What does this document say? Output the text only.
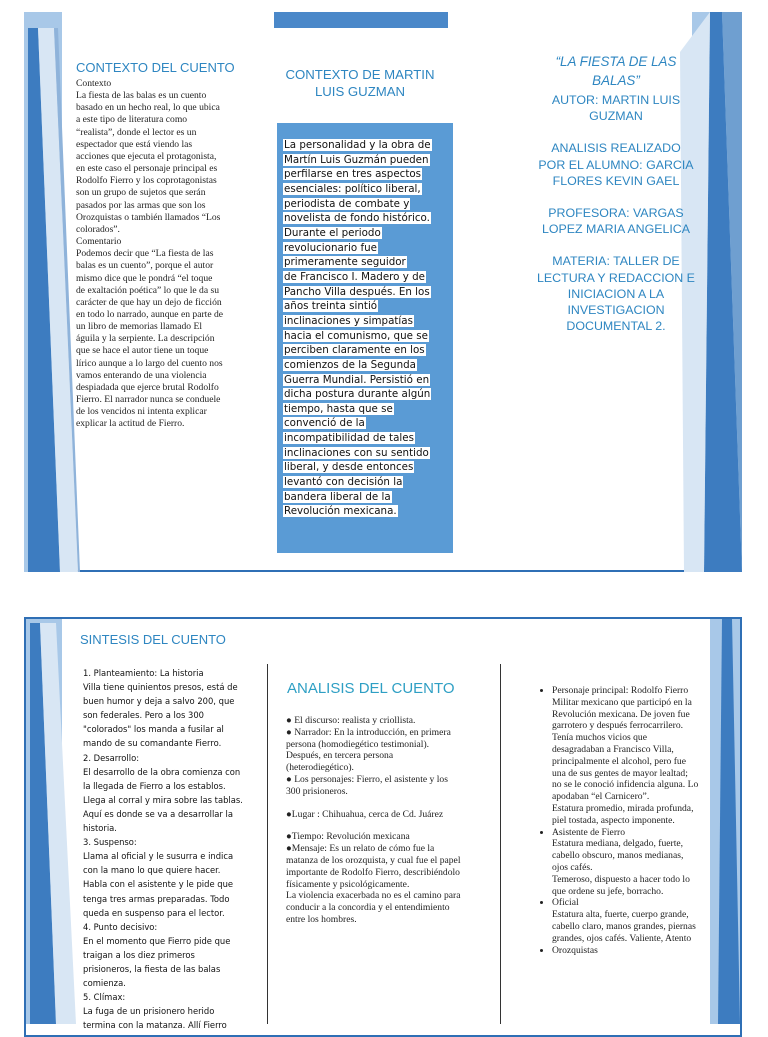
CONTEXTO DEL CUENTO
Contexto
La fiesta de las balas es un cuento
basado en un hecho real, lo que ubica
a este tipo de literatura como
“realista”, donde el lector es un
espectador que está viendo las
acciones que ejecuta el protagonista,
en este caso el personaje principal es
Rodolfo Fierro y los coprotagonistas
son un grupo de sujetos que serán
pasados por las armas que son los
Orozquistas o también llamados “Los
colorados”.
Comentario
Podemos decir que “La fiesta de las
balas es un cuento”, porque el autor
mismo dice que le pondrá “el toque
de exaltación poética” lo que le da su
carácter de que hay un dejo de ficción
en todo lo narrado, aunque en parte de
un libro de memorias llamado El
águila y la serpiente. La descripción
que se hace el autor tiene un toque
lírico aunque a lo largo del cuento nos
vamos enterando de una violencia
despiadada que ejerce brutal Rodolfo
Fierro. El narrador nunca se conduele
de los vencidos ni intenta explicar
explicar la actitud de Fierro.
CONTEXTO DE MARTIN
LUIS GUZMAN
La personalidad y la obra de
Martín Luis Guzmán pueden
perfilarse en tres aspectos
esenciales: político liberal,
periodista de combate y
novelista de fondo histórico.
Durante el periodo
revolucionario fue
primeramente seguidor
de Francisco I. Madero y de
Pancho Villa después. En los
años treinta sintió
inclinaciones y simpatías
hacia el comunismo, que se
perciben claramente en los
comienzos de la Segunda
Guerra Mundial. Persistió en
dicha postura durante algún
tiempo, hasta que se
convenció de la
incompatibilidad de tales
inclinaciones con su sentido
liberal, y desde entonces
levantó con decisión la
bandera liberal de la
Revolución mexicana.

“LA FIESTA DE LAS
BALAS”

AUTOR: MARTIN LUIS
GUZMAN

ANALISIS REALIZADO
POR EL ALUMNO: GARCIA
FLORES KEVIN GAEL

PROFESORA: VARGAS
LOPEZ MARIA ANGELICA

MATERIA: TALLER DE
LECTURA Y REDACCION E
INICIACION A LA
INVESTIGACION
DOCUMENTAL 2.

SINTESIS DEL CUENTO
1. Planteamiento: La historia
Villa tiene quinientos presos, está de
buen humor y deja a salvo 200, que
son federales. Pero a los 300
"colorados" los manda a fusilar al
mando de su comandante Fierro.
2. Desarrollo:
El desarrollo de la obra comienza con
la llegada de Fierro a los establos.
Llega al corral y mira sobre las tablas.
Aquí es donde se va a desarrollar la
historia.
3. Suspenso:
Llama al oficial y le susurra e indica
con la mano lo que quiere hacer.
Habla con el asistente y le pide que
tenga tres armas preparadas. Todo
queda en suspenso para el lector.
4. Punto decisivo:
En el momento que Fierro pide que
traigan a los diez primeros
prisioneros, la fiesta de las balas
comienza.
5. Clímax:
La fuga de un prisionero herido
termina con la matanza. Allí Fierro
ANALISIS DEL CUENTO
● El discurso: realista y criollista.
● Narrador: En la introducción, en primera
persona (homodiegético testimonial).
Después, en tercera persona
(heterodiegético).
● Los personajes: Fierro, el asistente y los
300 prisioneros.

●Lugar : Chihuahua, cerca de Cd. Juárez

●Tiempo: Revolución mexicana
●Mensaje: Es un relato de cómo fue la
matanza de los orozquista, y cual fue el papel
importante de Rodolfo Fierro, describiéndolo
físicamente y psicológicamente.
La violencia exacerbada no es el camino para
conducir a la concordia y el entendimiento
entre los hombres.
• Personaje principal: Rodolfo Fierro
Militar mexicano que participó en la
Revolución mexicana. De joven fue
garrotero y después ferrocarrilero.
Tenía muchos vicios que
desagradaban a Francisco Villa,
principalmente el alcohol, pero fue
una de sus gentes de mayor lealtad;
no se le conoció infidencia alguna. Lo
apodaban “el Carnicero”.
Estatura promedio, mirada profunda,
piel tostada, aspecto imponente.
• Asistente de Fierro
Estatura mediana, delgado, fuerte,
cabello obscuro, manos medianas,
ojos cafés.
Temeroso, dispuesto a hacer todo lo
que ordene su jefe, borracho.
• Oficial
Estatura alta, fuerte, cuerpo grande,
cabello claro, manos grandes, piernas
grandes, ojos cafés. Valiente, Atento
• Orozquistas
